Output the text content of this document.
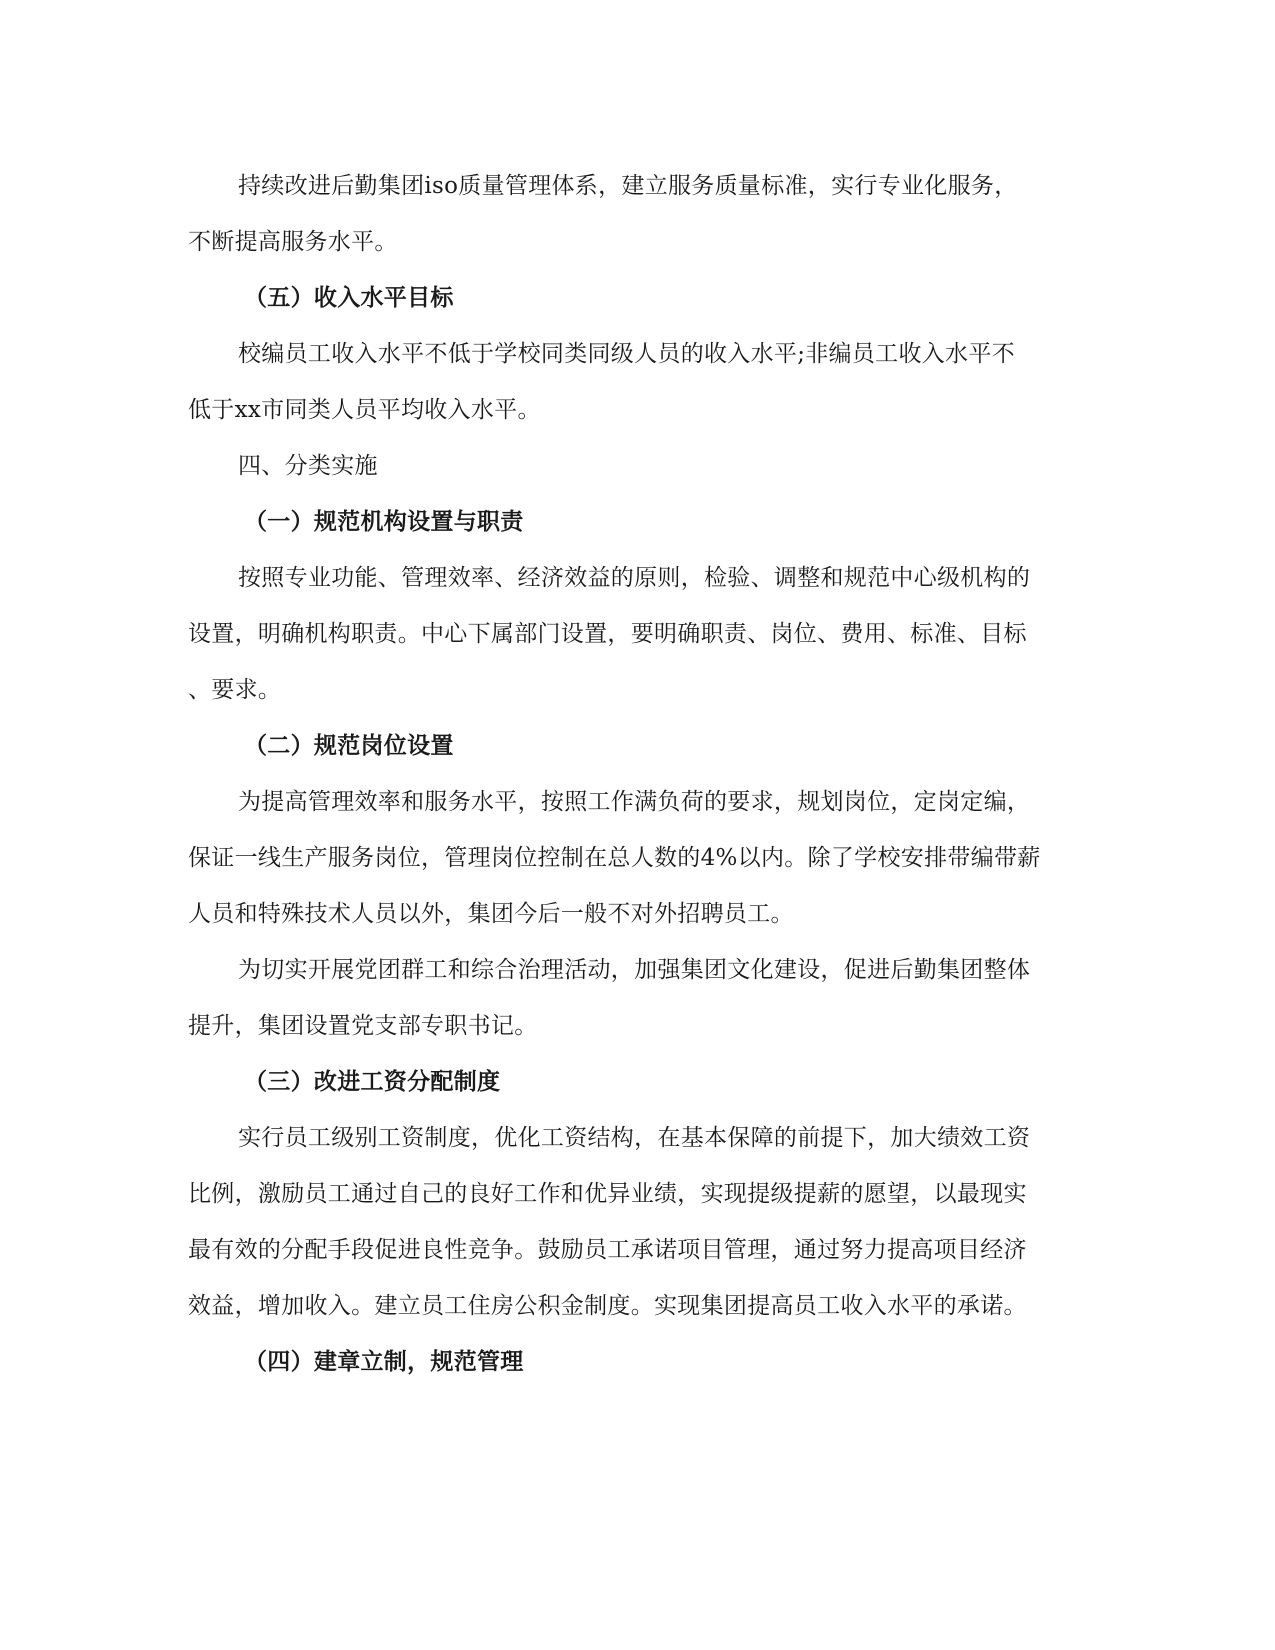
持续改进后勤集团iso质量管理体系，建立服务质量标准，实行专业化服务，
不断提高服务水平。
（五）收入水平目标
校编员工收入水平不低于学校同类同级人员的收入水平;非编员工收入水平不
低于xx市同类人员平均收入水平。
四、分类实施
（一）规范机构设置与职责
按照专业功能、管理效率、经济效益的原则，检验、调整和规范中心级机构的
设置，明确机构职责。中心下属部门设置，要明确职责、岗位、费用、标准、目标
、要求。
（二）规范岗位设置
为提高管理效率和服务水平，按照工作满负荷的要求，规划岗位，定岗定编，
保证一线生产服务岗位，管理岗位控制在总人数的4%以内。除了学校安排带编带薪
人员和特殊技术人员以外，集团今后一般不对外招聘员工。
为切实开展党团群工和综合治理活动，加强集团文化建设，促进后勤集团整体
提升，集团设置党支部专职书记。
（三）改进工资分配制度
实行员工级别工资制度，优化工资结构，在基本保障的前提下，加大绩效工资
比例，激励员工通过自己的良好工作和优异业绩，实现提级提薪的愿望，以最现实
最有效的分配手段促进良性竞争。鼓励员工承诺项目管理，通过努力提高项目经济
效益，增加收入。建立员工住房公积金制度。实现集团提高员工收入水平的承诺。
（四）建章立制，规范管理
